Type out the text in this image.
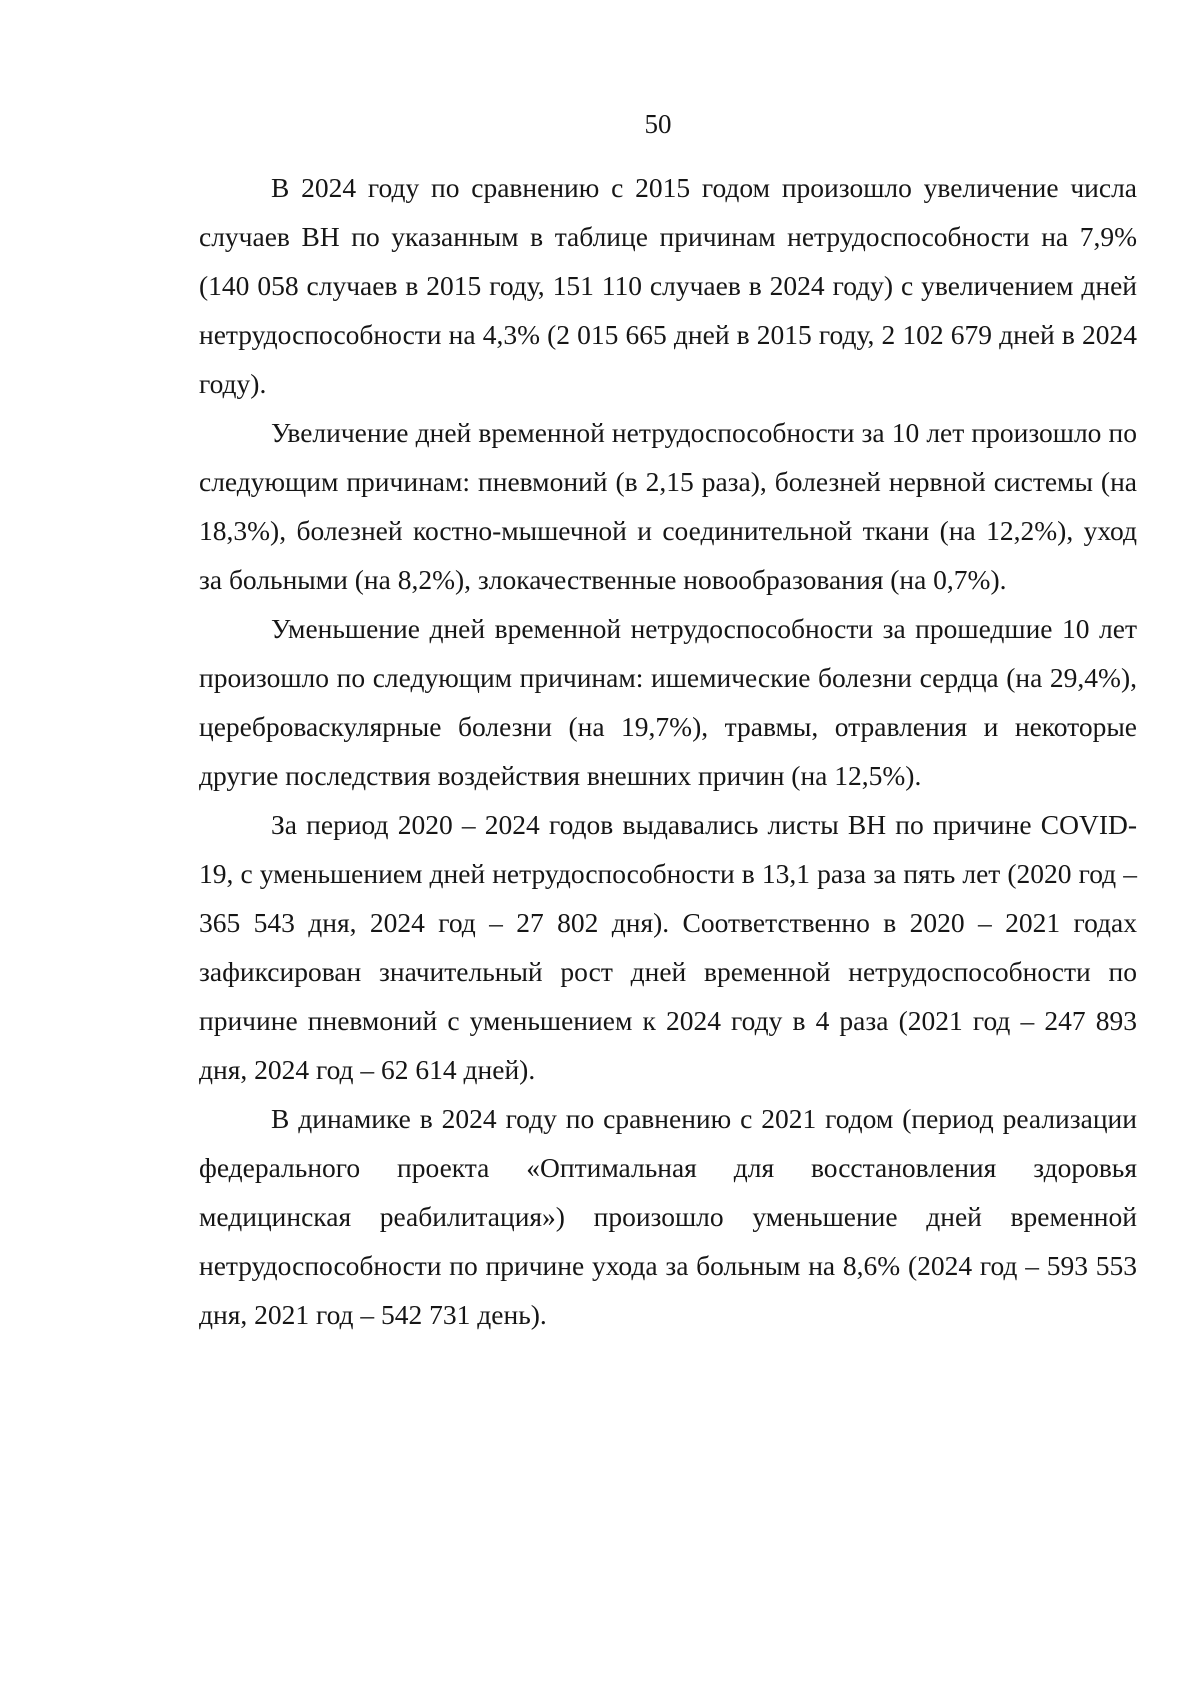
50

В 2024 году по сравнению с 2015 годом произошло увеличение числа случаев ВН по указанным в таблице причинам нетрудоспособности на 7,9% (140 058 случаев в 2015 году, 151 110 случаев в 2024 году) с увеличением дней нетрудоспособности на 4,3% (2 015 665 дней в 2015 году, 2 102 679 дней в 2024 году).

Увеличение дней временной нетрудоспособности за 10 лет произошло по следующим причинам: пневмоний (в 2,15 раза), болезней нервной системы (на 18,3%), болезней костно-мышечной и соединительной ткани (на 12,2%), уход за больными (на 8,2%), злокачественные новообразования (на 0,7%).

Уменьшение дней временной нетрудоспособности за прошедшие 10 лет произошло по следующим причинам: ишемические болезни сердца (на 29,4%), цереброваскулярные болезни (на 19,7%), травмы, отравления и некоторые другие последствия воздействия внешних причин (на 12,5%).

За период 2020 – 2024 годов выдавались листы ВН по причине COVID-19, с уменьшением дней нетрудоспособности в 13,1 раза за пять лет (2020 год – 365 543 дня, 2024 год – 27 802 дня). Соответственно в 2020 – 2021 годах зафиксирован значительный рост дней временной нетрудоспособности по причине пневмоний с уменьшением к 2024 году в 4 раза (2021 год – 247 893 дня, 2024 год – 62 614 дней).

В динамике в 2024 году по сравнению с 2021 годом (период реализации федерального проекта «Оптимальная для восстановления здоровья медицинская реабилитация») произошло уменьшение дней временной нетрудоспособности по причине ухода за больным на 8,6% (2024 год – 593 553 дня, 2021 год – 542 731 день).
